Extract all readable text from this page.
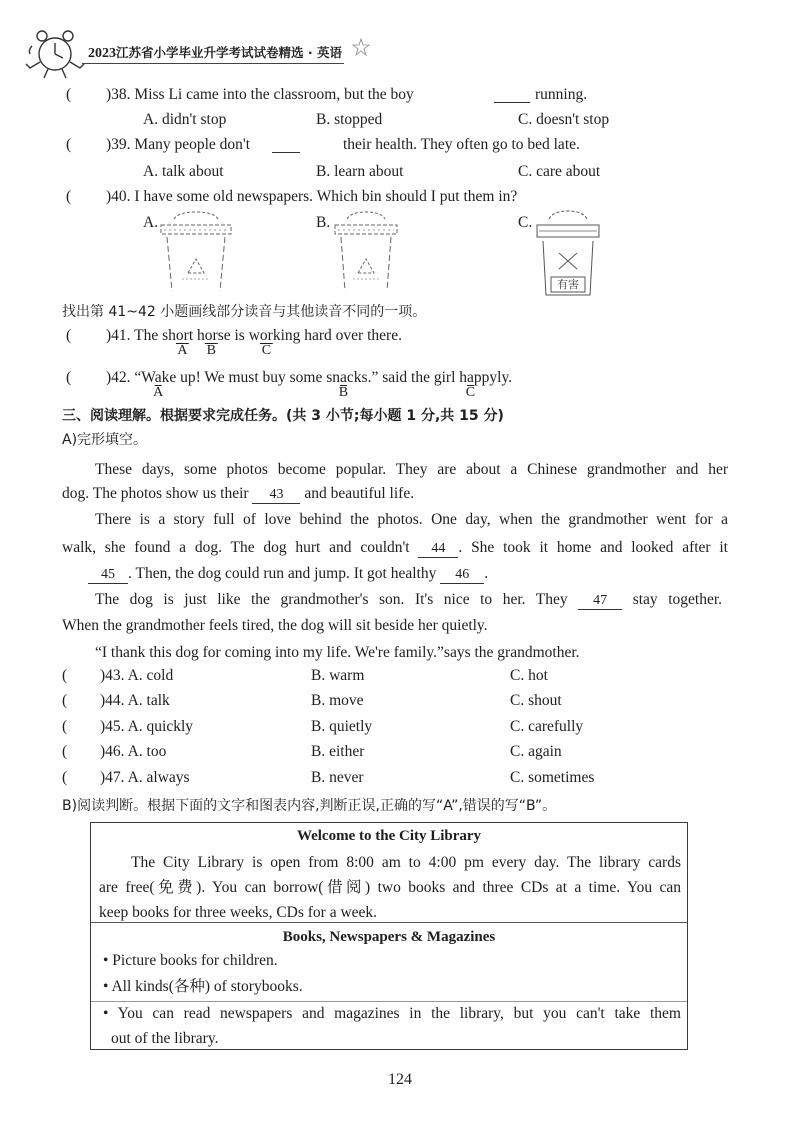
2023江苏省小学毕业升学考试试卷精选 · 英语
( )38. Miss Li came into the classroom, but the boy	running.
A. didn't stop	B. stopped	C. doesn't stop
( )39. Many people don't	their health. They often go to bed late.
A. talk about	B. learn about	C. care about
( )40. I have some old newspapers. Which bin should I put them in?
A.	B.	C.
有害
找出第 41~42 小题画线部分读音与其他读音不同的一项。
( )41. The shor
A
t hor
B
se is wor
C
king hard over there.
( )42. “Wa
A
ke up! We must buy some sna
B
cks.” said the girl ha
C
ppyly.
三、阅读理解。根据要求完成任务。(共 3 小节;每小题 1 分,共 15 分)
A)完形填空。
These days, some photos become popular. They are about a Chinese grandmother and her
dog. The photos show us their 43 and beautiful life.
There is a story full of love behind the photos. One day, when the grandmother went for a
walk, she found a dog. The dog hurt and couldn't 44 . She took it home and looked after it
45 . Then, the dog could run and jump. It got healthy 46 .
The dog is just like the grandmother's son. It's nice to her. They 47 stay together.
When the grandmother feels tired, the dog will sit beside her quietly.
“I thank this dog for coming into my life. We're family.”says the grandmother.
( )43. A. cold	B. warm	C. hot
( )44. A. talk	B. move	C. shout
( )45. A. quickly	B. quietly	C. carefully
( )46. A. too	B. either	C. again
( )47. A. always	B. never	C. sometimes
B)阅读判断。根据下面的文字和图表内容,判断正误,正确的写“A”,错误的写“B”。
Welcome to the City Library
The City Library is open from 8:00 am to 4:00 pm every day. The library cards
are free(免费). You can borrow(借阅) two books and three CDs at a time. You can
keep books for three weeks, CDs for a week.
Books, Newspapers & Magazines
• Picture books for children.
• All kinds(各种) of storybooks.
• You can read newspapers and magazines in the library, but you can't take them
out of the library.
124
